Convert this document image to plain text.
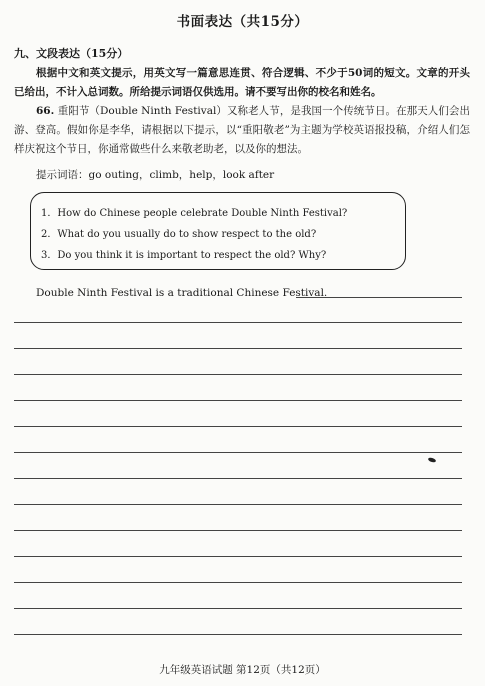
书面表达（共15分）
九、文段表达（15分）
根据中文和英文提示，用英文写一篇意思连贯、符合逻辑、不少于50词的短文。文章的开头已给出，不计入总词数。所给提示词语仅供选用。请不要写出你的校名和姓名。
66. 重阳节（Double Ninth Festival）又称老人节，是我国一个传统节日。在那天人们会出游、登高。假如你是李华，请根据以下提示，以“重阳敬老”为主题为学校英语报投稿，介绍人们怎样庆祝这个节日，你通常做些什么来敬老助老，以及你的想法。
提示词语：go outing，climb，help，look after
1．How do Chinese people celebrate Double Ninth Festival?
2．What do you usually do to show respect to the old?
3．Do you think it is important to respect the old? Why?
Double Ninth Festival is a traditional Chinese Festival.
九年级英语试题 第12页（共12页）
